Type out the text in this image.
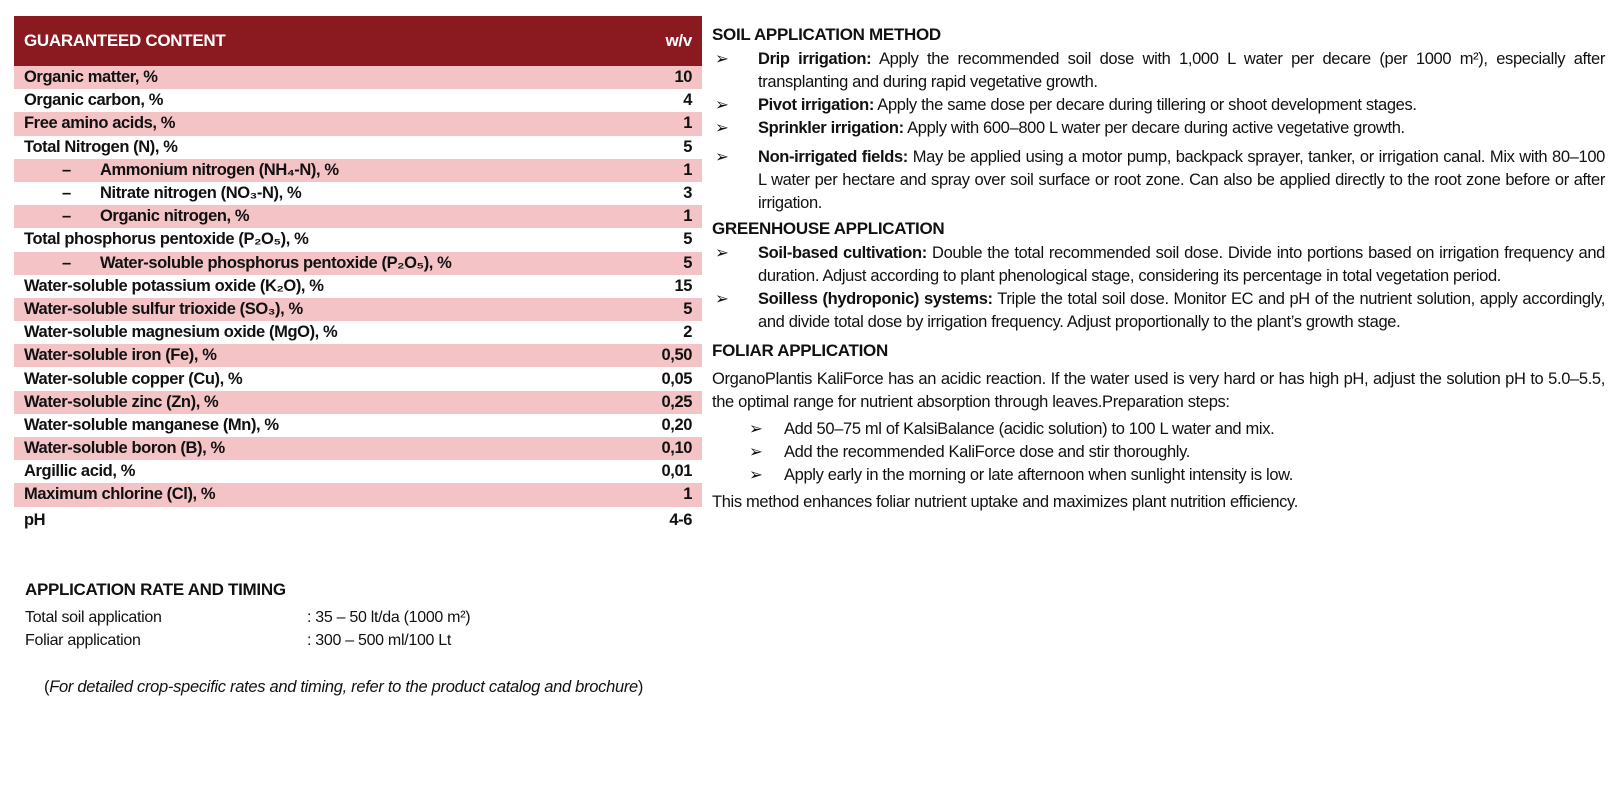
GUARANTEED CONTENT	w/v
Organic matter, %	10
Organic carbon, %	4
Free amino acids, %	1
Total Nitrogen (N), %	5
–	Ammonium nitrogen (NH₄-N), %	1
–	Nitrate nitrogen (NO₃-N), %	3
–	Organic nitrogen, %	1
Total phosphorus pentoxide (P₂O₅), %	5
–	Water-soluble phosphorus pentoxide (P₂O₅), %	5
Water-soluble potassium oxide (K₂O), %	15
Water-soluble sulfur trioxide (SO₃), %	5
Water-soluble magnesium oxide (MgO), %	2
Water-soluble iron (Fe), %	0,50
Water-soluble copper (Cu), %	0,05
Water-soluble zinc (Zn), %	0,25
Water-soluble manganese (Mn), %	0,20
Water-soluble boron (B), %	0,10
Argillic acid, %	0,01
Maximum chlorine (Cl), %	1
pH	4-6
APPLICATION RATE AND TIMING
Total soil application	: 35 – 50 lt/da (1000 m²)
Foliar application	: 300 – 500 ml/100 Lt
(For detailed crop-specific rates and timing, refer to the product catalog and brochure)
SOIL APPLICATION METHOD
➢	Drip irrigation: Apply the recommended soil dose with 1,000 L water per decare (per 1000 m²), especially after transplanting and during rapid vegetative growth.
➢	Pivot irrigation: Apply the same dose per decare during tillering or shoot development stages.
➢	Sprinkler irrigation: Apply with 600–800 L water per decare during active vegetative growth.
➢	Non-irrigated fields: May be applied using a motor pump, backpack sprayer, tanker, or irrigation canal. Mix with 80–100 L water per hectare and spray over soil surface or root zone. Can also be applied directly to the root zone before or after irrigation.
GREENHOUSE APPLICATION
➢	Soil-based cultivation: Double the total recommended soil dose. Divide into portions based on irrigation frequency and duration. Adjust according to plant phenological stage, considering its percentage in total vegetation period.
➢	Soilless (hydroponic) systems: Triple the total soil dose. Monitor EC and pH of the nutrient solution, apply accordingly, and divide total dose by irrigation frequency. Adjust proportionally to the plant’s growth stage.
FOLIAR APPLICATION
OrganoPlantis KaliForce has an acidic reaction. If the water used is very hard or has high pH, adjust the solution pH to 5.0–5.5, the optimal range for nutrient absorption through leaves.Preparation steps:
➢	Add 50–75 ml of KalsiBalance (acidic solution) to 100 L water and mix.
➢	Add the recommended KaliForce dose and stir thoroughly.
➢	Apply early in the morning or late afternoon when sunlight intensity is low.
This method enhances foliar nutrient uptake and maximizes plant nutrition efficiency.
